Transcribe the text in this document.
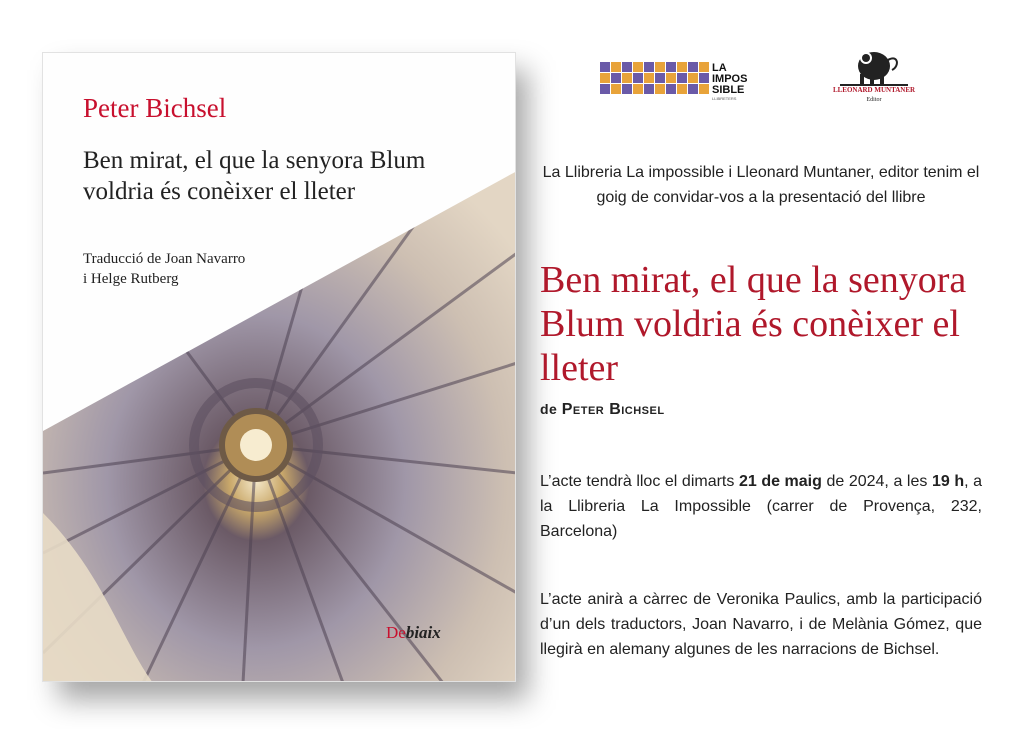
Peter Bichsel
Ben mirat, el que la senyora Blum voldria és conèixer el lleter

Traducció de Joan Navarro
i Helge Rutberg

Debiaix
LA
IMPOS
SIBLE
LLIBRETERS
LLEONARD MUNTANER
Editor

La Llibreria La impossible i Lleonard Muntaner, editor tenim el goig de convidar-vos a la presentació del llibre

Ben mirat, el que la senyora Blum voldria és conèixer el lleter

de Peter Bichsel

L’acte tendrà lloc el dimarts 21 de maig de 2024, a les 19 h, a la Llibreria La Impossible (carrer de Provença, 232, Barcelona)

L’acte anirà a càrrec de Veronika Paulics, amb la participació d’un dels traductors, Joan Navarro, i de Melània Gómez, que llegirà en alemany algunes de les narracions de Bichsel.
